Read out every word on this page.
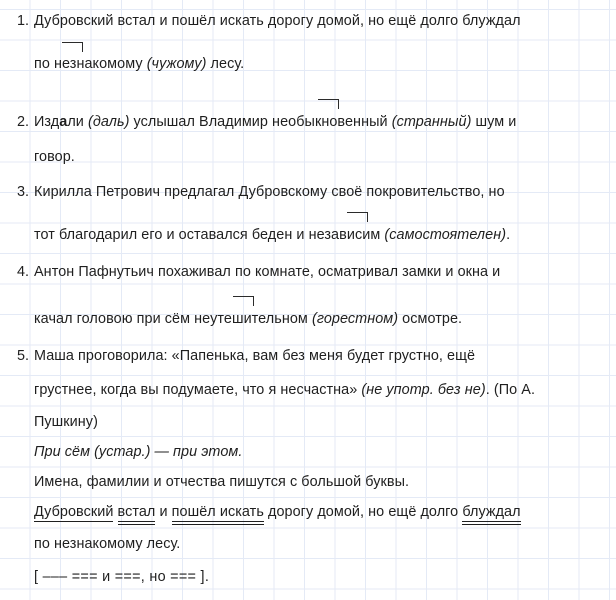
1. Дубровский встал и пошёл искать дорогу домой, но ещё долго блуждал
по незнакомому (чужому) лесу.
2. Издали (даль) услышал Владимир необыкновенный (странный) шум и
говор.
3. Кирилла Петрович предлагал Дубровскому своё покровительство, но
тот благодарил его и оставался беден и независим (самостоятелен).
4. Антон Пафнутьич похаживал по комнате, осматривал замки и окна и
качал головою при сём неутешительном (горестном) осмотре.
5. Маша проговорила: «Папенька, вам без меня будет грустно, ещё
грустнее, когда вы подумаете, что я несчастна» (не употр. без не). (По А.
Пушкину)
При сём (устар.) — при этом.
Имена, фамилии и отчества пишутся с большой буквы.
Дубровский встал и пошёл искать дорогу домой, но ещё долго блуждал
по незнакомому лесу.
[ ––– === и ===, но === ].
